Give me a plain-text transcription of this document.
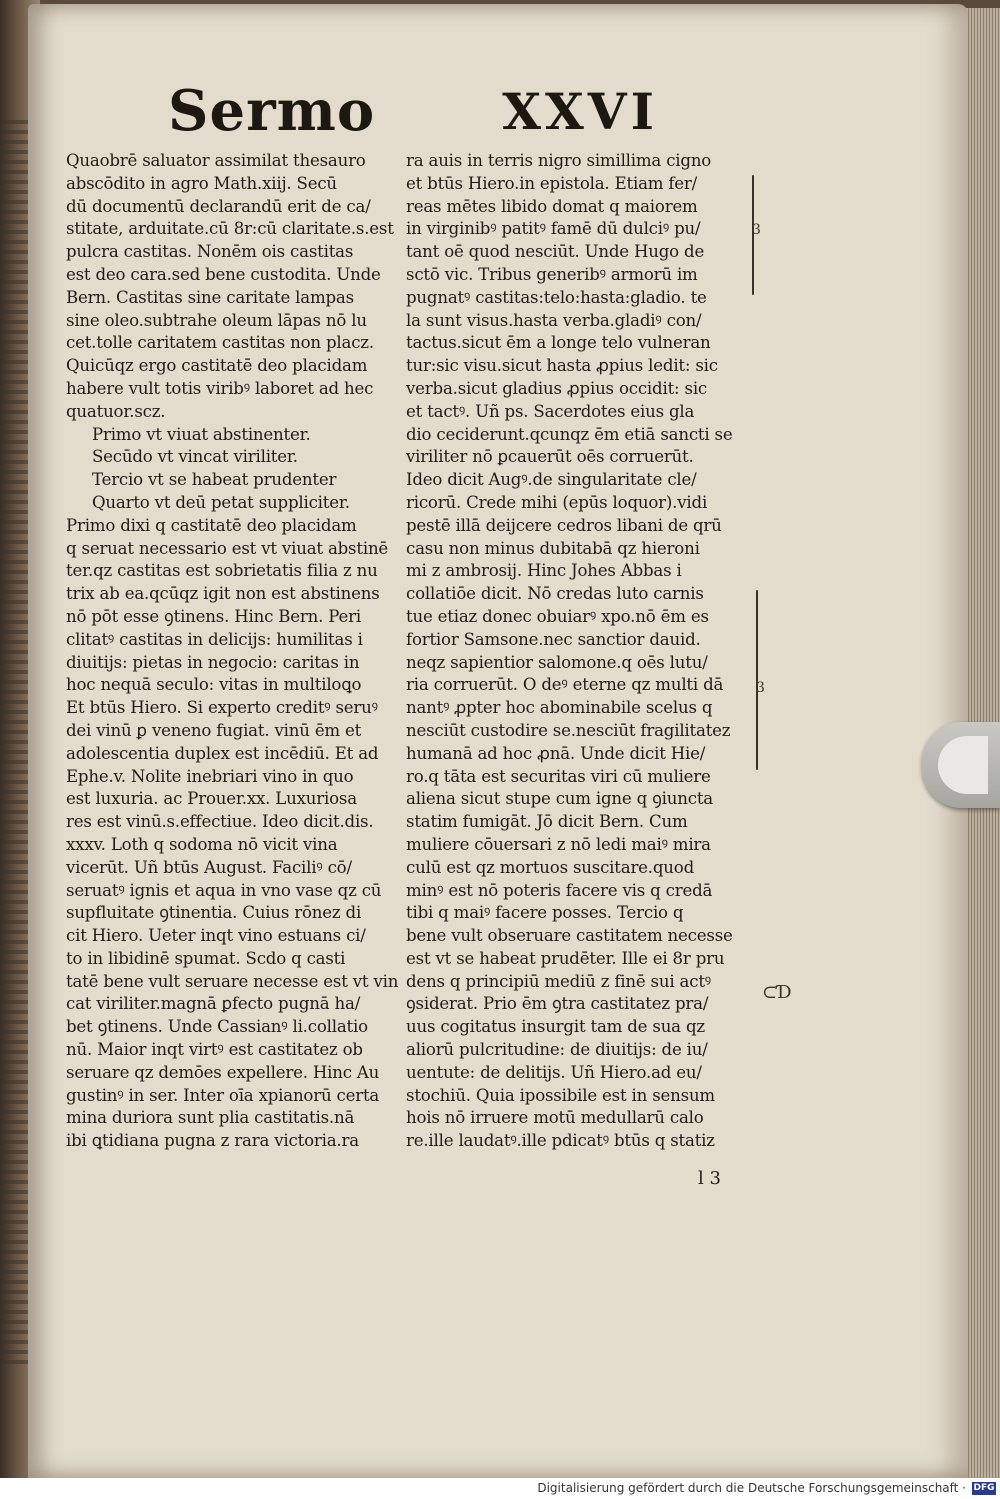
Sermo	XXVI
Quaobrē saluator assimilat thesauro
abscōdito in agro Math.xiij. Secū
dū documentū declarandū erit de ca/
stitate, arduitate.cū 8r:cū claritate.s.est
pulcra castitas. Nonēm ois castitas
est deo cara.sed bene custodita. Unde
Bern. Castitas sine caritate lampas
sine oleo.subtrahe oleum lāpas nō lu
cet.tolle caritatem castitas non placz.
Quicūqz ergo castitatē deo placidam
habere vult totis viribꝰ laboret ad hec
quatuor.scz.
Primo vt viuat abstinenter.
Secūdo vt vincat viriliter.
Tercio vt se habeat prudenter
Quarto vt deū petat suppliciter.
Primo dixi q castitatē deo placidam
q seruat necessario est vt viuat abstinē
ter.qz castitas est sobrietatis filia z nu
trix ab ea.qcūqz igit non est abstinens
nō pōt esse ꝯtinens. Hinc Bern. Peri
clitatꝰ castitas in delicijs: humilitas i
diuitijs: pietas in negocio: caritas in
hoc nequā seculo: vitas in multiloꝗo
Et btūs Hiero. Si experto creditꝰ seruꝰ
dei vinū ꝑ veneno fugiat. vinū ēm et
adolescentia duplex est incēdiū. Et ad
Ephe.v. Nolite inebriari vino in quo
est luxuria. ac Prouer.xx. Luxuriosa
res est vinū.s.effectiue. Ideo dicit.dis.
xxxv. Loth q sodoma nō vicit vina
vicerūt. Uñ btūs August. Faciliꝰ cō/
seruatꝰ ignis et aqua in vno vase qz cū
supfluitate ꝯtinentia. Cuius rōnez di
cit Hiero. Ueter inqt vino estuans ci/
to in libidinē spumat. Scdo q casti
tatē bene vult seruare necesse est vt vin
cat viriliter.magnā ꝑfecto pugnā ha/
bet ꝯtinens. Unde Cassianꝰ li.collatio
nū. Maior inqt virtꝰ est castitatez ob
seruare qz demōes expellere. Hinc Au
gustinꝰ in ser. Inter oīa xpianorū certa
mina duriora sunt plia castitatis.nā
ibi ꝗtidiana pugna z rara victoria.ra
ra auis in terris nigro simillima cigno
et btūs Hiero.in epistola. Etiam fer/
reas mētes libido domat q maiorem
in virginibꝰ patitꝰ famē dū dulciꝰ pu/
tant oē quod nesciūt. Unde Hugo de
sctō vic. Tribus generibꝰ armorū im
pugnatꝰ castitas:telo:hasta:gladio. te
la sunt visus.hasta verba.gladiꝰ con/
tactus.sicut ēm a longe telo vulneran
tur:sic visu.sicut hasta ꝓpius ledit: sic
verba.sicut gladius ꝓpius occidit: sic
et tactꝰ. Uñ ps. Sacerdotes eius gla
dio ceciderunt.qcunqz ēm etiā sancti se
viriliter nō ꝑcauerūt oēs corruerūt.
Ideo dicit Augꝰ.de singularitate cle/
ricorū. Crede mihi (epūs loquor).vidi
pestē illā deijcere cedros libani de qrū
casu non minus dubitabā qz hieroni
mi z ambrosij. Hinc Johes Abbas i
collatiōe dicit. Nō credas luto carnis
tue etiaz donec obuiarꝰ xpo.nō ēm es
fortior Samsone.nec sanctior dauid.
neqz sapientior salomone.q oēs lutu/
ria corruerūt. O deꝰ eterne qz multi dā
nantꝰ ꝓpter hoc abominabile scelus q
nesciūt custodire se.nesciūt fragilitatez
humanā ad hoc ꝓnā. Unde dicit Hie/
ro.q tāta est securitas viri cū muliere
aliena sicut stupe cum igne q ꝯiuncta
statim fumigāt. Jō dicit Bern. Cum
muliere cōuersari z nō ledi maiꝰ mira
culū est qz mortuos suscitare.quod
minꝰ est nō poteris facere vis q credā
tibi q maiꝰ facere posses. Tercio q
bene vult obseruare castitatem necesse
est vt se habeat prudēter. Ille ei 8r pru
dens q principiū mediū z finē sui actꝰ
ꝯsiderat. Prio ēm ꝯtra castitatez pra/
uus cogitatus insurgit tam de sua qz
aliorū pulcritudine: de diuitijs: de iu/
uentute: de delitijs. Uñ Hiero.ad eu/
stochiū. Quia ipossibile est in sensum
hois nō irruere motū medullarū calo
re.ille laudatꝰ.ille pdicatꝰ btūs q statiz
3
3
⊂Ɗ
l 3
Digitalisierung gefördert durch die Deutsche Forschungsgemeinschaft · DFG
